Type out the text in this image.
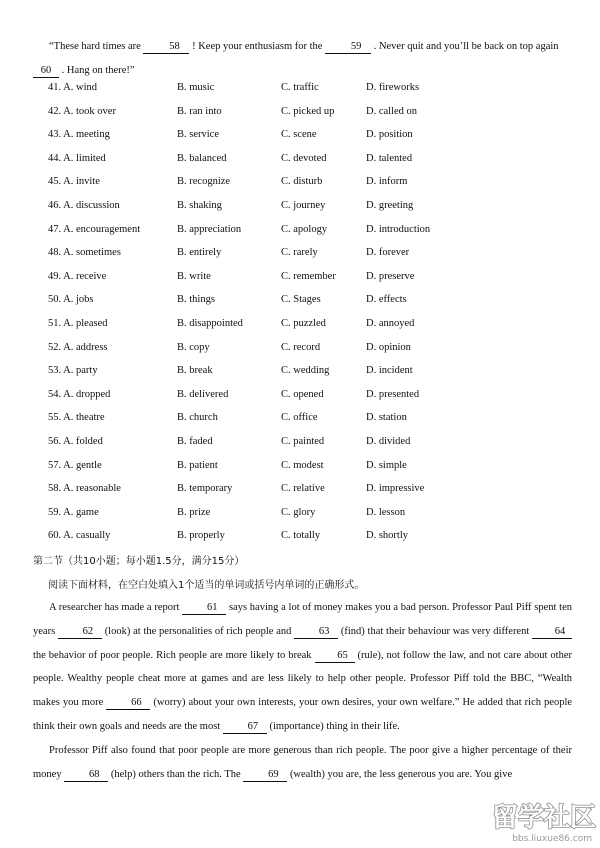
“These hard times are	58 ! Keep your enthusiasm for the	59 . Never quit and you’ll be back on top again

60 . Hang on there!”

41. A. wind	B. music	C. traffic	D. fireworks
42. A. took over	B. ran into	C. picked up	D. called on
43. A. meeting	B. service	C. scene	D. position
44. A. limited	B. balanced	C. devoted	D. talented
45. A. invite	B. recognize	C. disturb	D. inform
46. A. discussion	B. shaking	C. journey	D. greeting
47. A. encouragement	B. appreciation	C. apology	D. introduction
48. A. sometimes	B. entirely	C. rarely	D. forever
49. A. receive	B. write	C. remember	D. preserve
50. A. jobs	B. things	C. Stages	D. effects
51. A. pleased	B. disappointed	C. puzzled	D. annoyed
52. A. address	B. copy	C. record	D. opinion
53. A. party	B. break	C. wedding	D. incident
54. A. dropped	B. delivered	C. opened	D. presented
55. A. theatre	B. church	C. office	D. station
56. A. folded	B. faded	C. painted	D. divided
57. A. gentle	B. patient	C. modest	D. simple
58. A. reasonable	B. temporary	C. relative	D. impressive
59. A. game	B. prize	C. glory	D. lesson
60. A. casually	B. properly	C. totally	D. shortly
第二节（共10小题；每小题1.5分，满分15分）
阅读下面材料，在空白处填入1个适当的单词或括号内单词的正确形式。

A researcher has made a report	61 says having a lot of money makes you a bad person. Professor Paul Piff spent ten years	62 (look) at the personalities of rich people and	63 (find) that their behaviour was very different 64 the behavior of poor people. Rich people are more likely to break 65 (rule), not follow the law, and not care about other people. Wealthy people cheat more at games and are less likely to help other people. Professor Piff told the BBC, “Wealth makes you more	66 (worry) about your own interests, your own desires, your own welfare.” He added that rich people think their own goals and needs are the most	67 (importance) thing in their life.

Professor Piff also found that poor people are more generous than rich people. The poor give a higher percentage of their money	68 (help) others than the rich. The	69 (wealth) you are, the less generous you are. You give

留学社区
bbs.liuxue86.com
